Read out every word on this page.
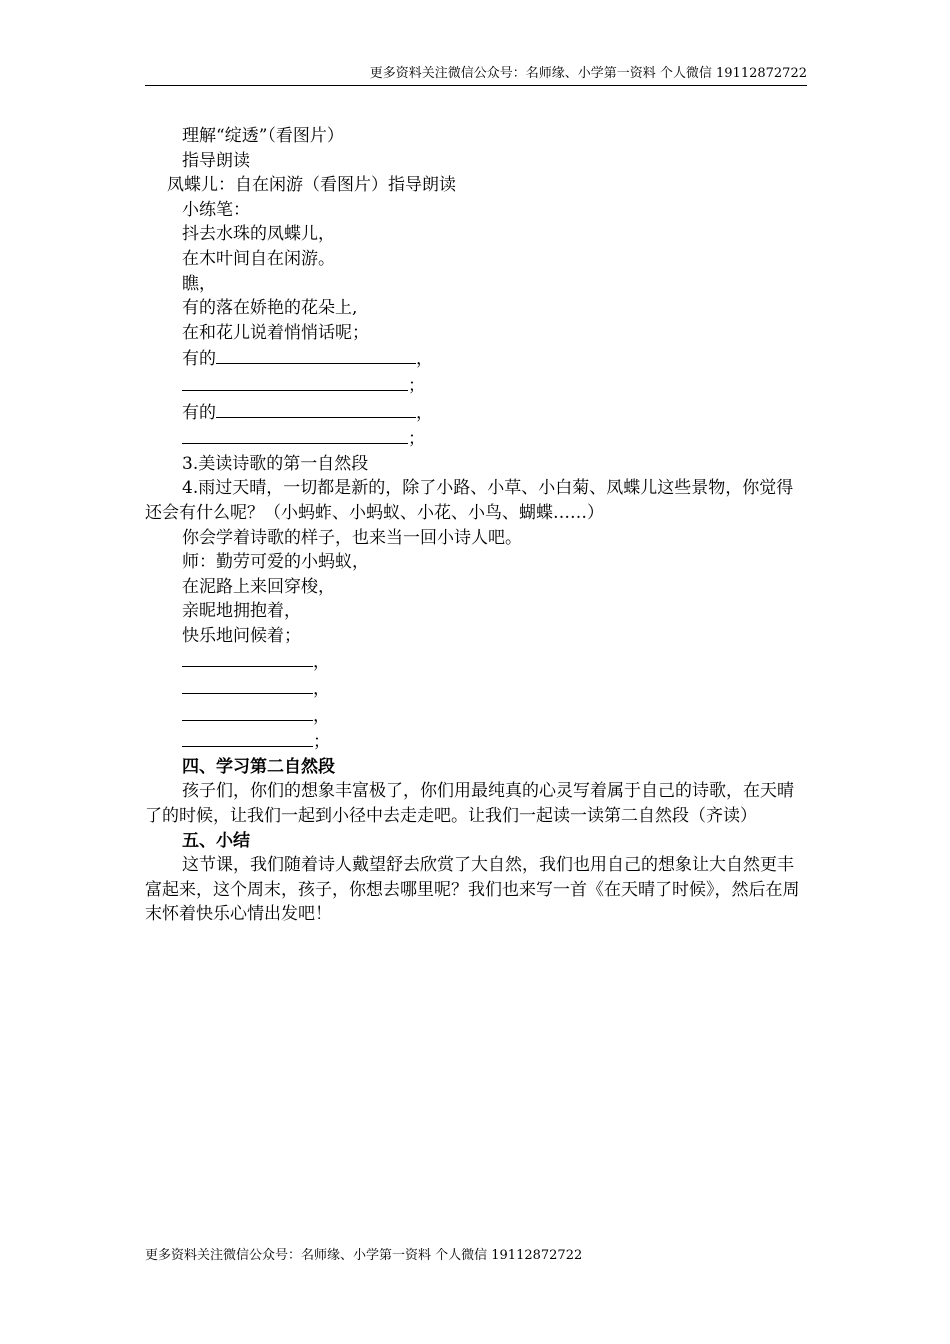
更多资料关注微信公众号：名师缘、小学第一资料 个人微信 19112872722

理解“绽透”（看图片）

指导朗读

凤蝶儿：自在闲游（看图片）指导朗读

小练笔：

抖去水珠的凤蝶儿，

在木叶间自在闲游。

瞧，

有的落在娇艳的花朵上,

在和花儿说着悄悄话呢；

有的	，

；

有的	，

；

3.美读诗歌的第一自然段

4.雨过天晴，一切都是新的，除了小路、小草、小白菊、凤蝶儿这些景物，你觉得还会有什么呢？（小蚂蚱、小蚂蚁、小花、小鸟、蝴蝶……）

你会学着诗歌的样子，也来当一回小诗人吧。

师：勤劳可爱的小蚂蚁，

在泥路上来回穿梭，

亲昵地拥抱着，

快乐地问候着；

，

，

，

；

四、学习第二自然段

孩子们，你们的想象丰富极了，你们用最纯真的心灵写着属于自己的诗歌，在天晴了的时候，让我们一起到小径中去走走吧。让我们一起读一读第二自然段（齐读）

五、小结

这节课，我们随着诗人戴望舒去欣赏了大自然，我们也用自己的想象让大自然更丰富起来，这个周末，孩子，你想去哪里呢？我们也来写一首《在天晴了时候》，然后在周末怀着快乐心情出发吧！

更多资料关注微信公众号：名师缘、小学第一资料 个人微信 19112872722
